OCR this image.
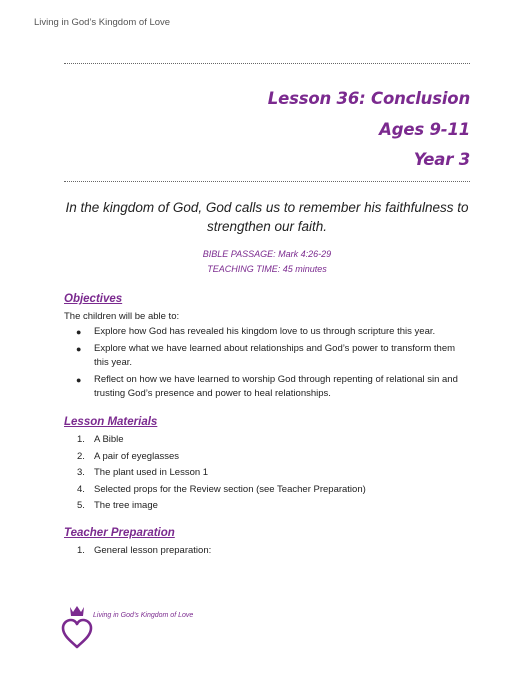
Living in God’s Kingdom of Love
Lesson 36: Conclusion
Ages 9-11
Year 3
In the kingdom of God, God calls us to remember his faithfulness to strengthen our faith.
BIBLE PASSAGE: Mark 4:26-29
TEACHING TIME: 45 minutes
Objectives
The children will be able to:
● Explore how God has revealed his kingdom love to us through scripture this year.
● Explore what we have learned about relationships and God’s power to transform them this year.
● Reflect on how we have learned to worship God through repenting of relational sin and trusting God’s presence and power to heal relationships.
Lesson Materials
1. A Bible
2. A pair of eyeglasses
3. The plant used in Lesson 1
4. Selected props for the Review section (see Teacher Preparation)
5. The tree image
Teacher Preparation
1. General lesson preparation:
Living in God’s Kingdom of Love
